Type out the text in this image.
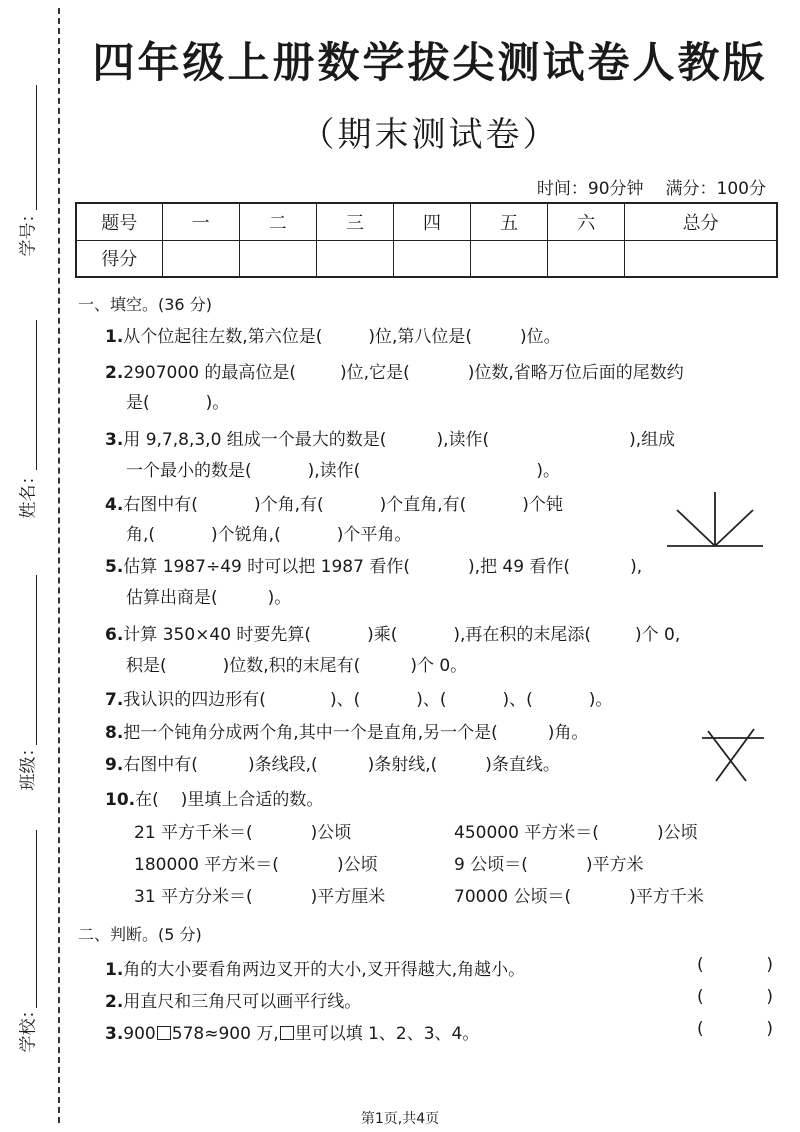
学号：
姓名：
班级：
学校：
四年级上册数学拔尖测试卷人教版
（期末测试卷）
时间：90分钟 满分：100分
题号	一	二	三	四	五	六	总分
得分							
一、填空。(36 分)
1.从个位起往左数,第六位是(	)位,第八位是(	)位。
2.2907000 的最高位是(	)位,它是(	)位数,省略万位后面的尾数约
是(	)。
3.用 9,7,8,3,0 组成一个最大的数是(	),读作(	),组成
一个最小的数是(	),读作(	)。
4.右图中有(	)个角,有(	)个直角,有(	)个钝
角,(	)个锐角,(	)个平角。
5.估算 1987÷49 时可以把 1987 看作(	),把 49 看作(	),
估算出商是(	)。
6.计算 350×40 时要先算(	)乘(	),再在积的末尾添(	)个 0,
积是(	)位数,积的末尾有(	)个 0。
7.我认识的四边形有(	)、(	)、(	)、(	)。
8.把一个钝角分成两个角,其中一个是直角,另一个是(	)角。
9.右图中有(	)条线段,(	)条射线,(	)条直线。
10.在( )里填上合适的数。
21 平方千米＝(	)公顷	450000 平方米＝(	)公顷
180000 平方米＝(	)公顷	9 公顷＝(	)平方米
31 平方分米＝(	)平方厘米	70000 公顷＝(	)平方千米
二、判断。(5 分)
1.角的大小要看角两边叉开的大小,叉开得越大,角越小。	(	)
2.用直尺和三角尺可以画平行线。	(	)
3.900 578≈900 万, 里可以填 1、2、3、4。	(	)
第1页,共4页
